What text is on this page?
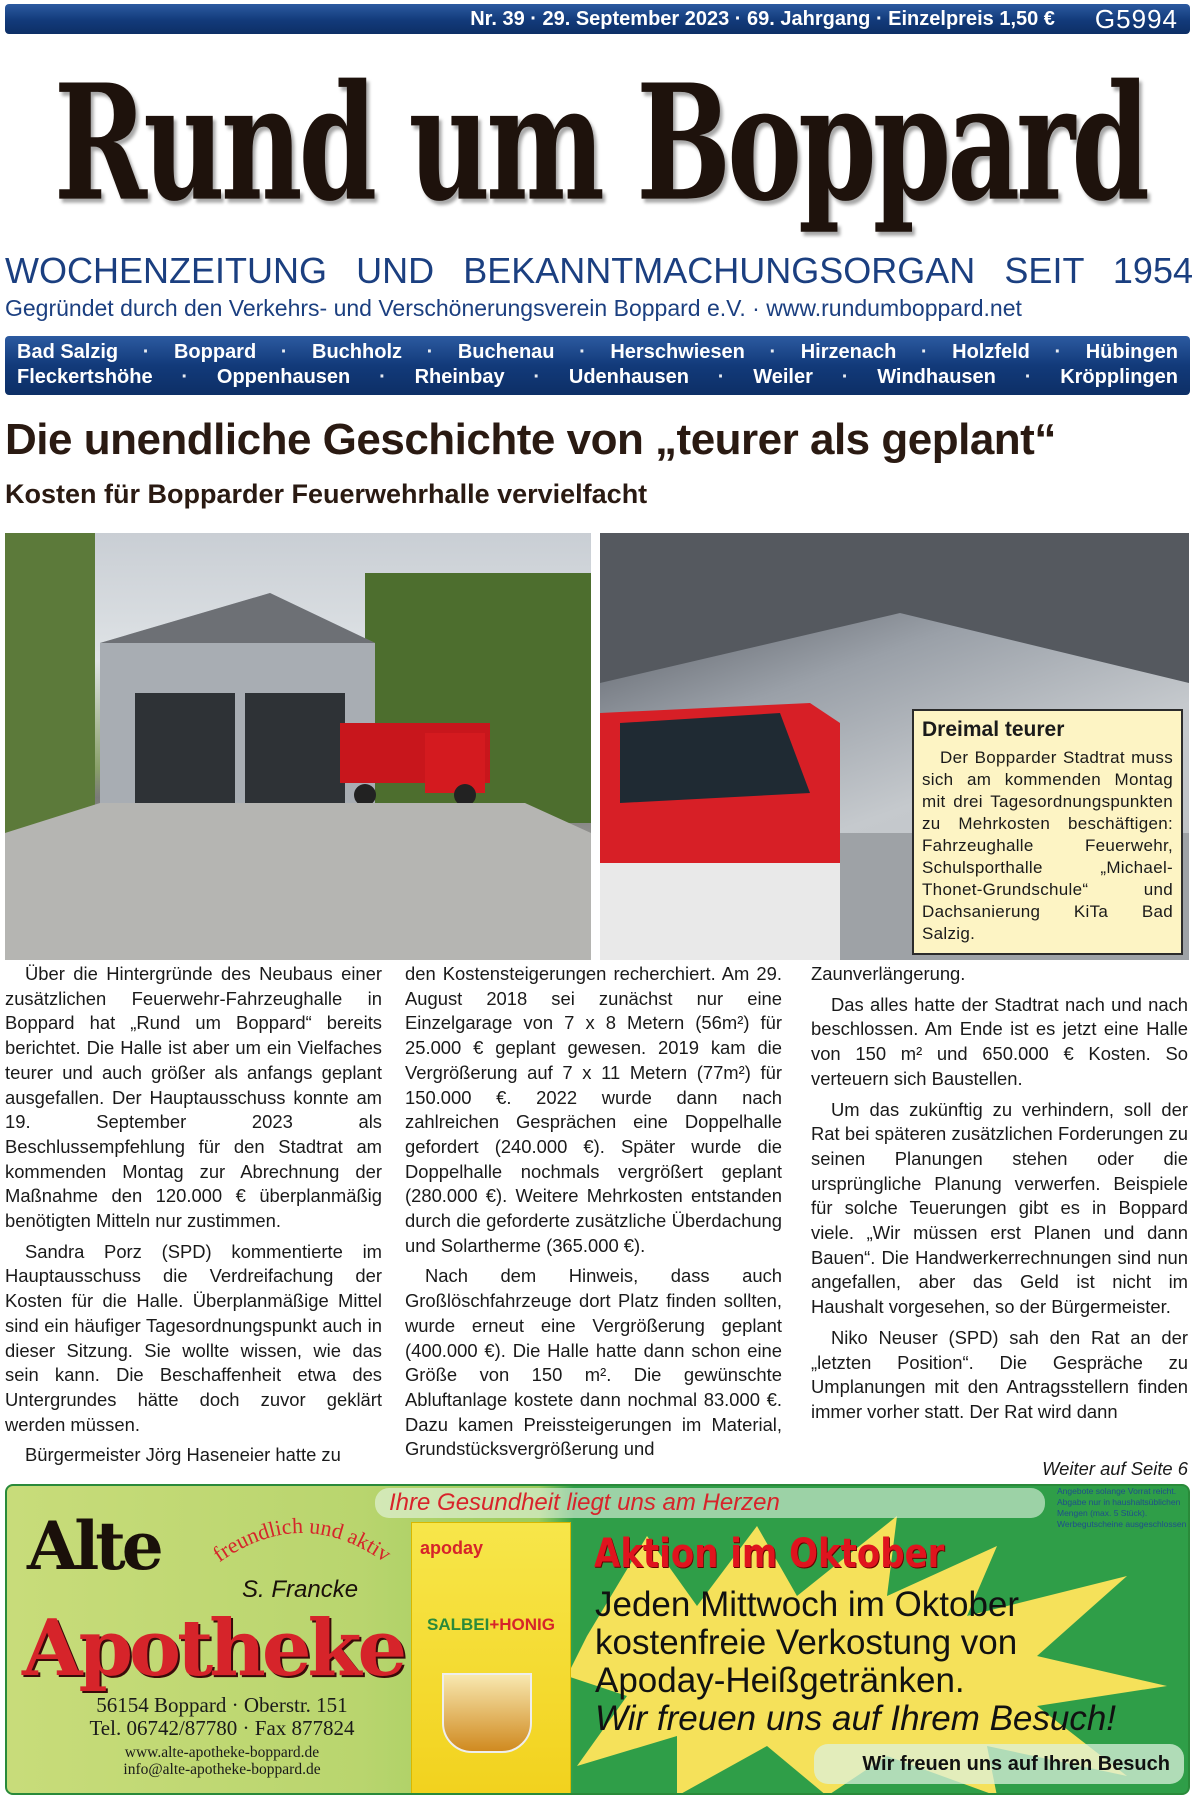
Nr. 39 · 29. September 2023 · 69. Jahrgang · Einzelpreis 1,50 € G5994
Rund um Boppard
WOCHENZEITUNG UND BEKANNTMACHUNGSORGAN SEIT 1954
Gegründet durch den Verkehrs- und Verschönerungsverein Boppard e.V. · www.rundumboppard.net
Bad Salzig · Boppard · Buchholz · Buchenau · Herschwiesen · Hirzenach · Holzfeld · Hübingen
Fleckertshöhe · Oppenhausen · Rheinbay · Udenhausen · Weiler · Windhausen · Kröpplingen
Die unendliche Geschichte von „teurer als geplant“
Kosten für Bopparder Feuerwehrhalle vervielfacht
Dreimal teurer

Der Bopparder Stadtrat muss sich am kommenden Montag mit drei Tagesordnungspunkten zu Mehrkosten beschäftigen: Fahrzeughalle Feuerwehr, Schulsporthalle „Michael-Thonet-Grundschule“ und Dachsanierung KiTa Bad Salzig.

Über die Hintergründe des Neubaus einer zusätzlichen Feuerwehr-Fahrzeughalle in Boppard hat „Rund um Boppard“ bereits berichtet. Die Halle ist aber um ein Vielfaches teurer und auch größer als anfangs geplant ausgefallen. Der Hauptausschuss konnte am 19. September 2023 als Beschlussempfehlung für den Stadtrat am kommenden Montag zur Abrechnung der Maßnahme den 120.000 € überplanmäßig benötigten Mitteln nur zustimmen.

Sandra Porz (SPD) kommentierte im Hauptausschuss die Verdreifachung der Kosten für die Halle. Überplanmäßige Mittel sind ein häufiger Tagesordnungspunkt auch in dieser Sitzung. Sie wollte wissen, wie das sein kann. Die Beschaffenheit etwa des Untergrundes hätte doch zuvor geklärt werden müssen.

Bürgermeister Jörg Haseneier hatte zu

den Kostensteigerungen recherchiert. Am 29. August 2018 sei zunächst nur eine Einzelgarage von 7 x 8 Metern (56m²) für 25.000 € geplant gewesen. 2019 kam die Vergrößerung auf 7 x 11 Metern (77m²) für 150.000 €. 2022 wurde dann nach zahlreichen Gesprächen eine Doppelhalle gefordert (240.000 €). Später wurde die Doppelhalle nochmals vergrößert geplant (280.000 €). Weitere Mehrkosten entstanden durch die geforderte zusätzliche Überdachung und Solartherme (365.000 €).

Nach dem Hinweis, dass auch Großlöschfahrzeuge dort Platz finden sollten, wurde erneut eine Vergrößerung geplant (400.000 €). Die Halle hatte dann schon eine Größe von 150 m². Die gewünschte Abluftanlage kostete dann nochmal 83.000 €. Dazu kamen Preissteigerungen im Material, Grundstücksvergrößerung und

Zaunverlängerung.

Das alles hatte der Stadtrat nach und nach beschlossen. Am Ende ist es jetzt eine Halle von 150 m² und 650.000 € Kosten. So verteuern sich Baustellen.

Um das zukünftig zu verhindern, soll der Rat bei späteren zusätzlichen Forderungen zu seinen Planungen stehen oder die ursprüngliche Planung verwerfen. Beispiele für solche Teuerungen gibt es in Boppard viele. „Wir müssen erst Planen und dann Bauen“. Die Handwerkerrechnungen sind nun angefallen, aber das Geld ist nicht im Haushalt vorgesehen, so der Bürgermeister.

Niko Neuser (SPD) sah den Rat an der „letzten Position“. Die Gespräche zu Umplanungen mit den Antragsstellern finden immer vorher statt. Der Rat wird dann

Weiter auf Seite 6
Ihre Gesundheit liegt uns am Herzen	Angebote solange Vorrat reicht. Abgabe nur in haushaltsüblichen Mengen (max. 5 Stück). Werbegutscheine ausgeschlossen
Alte freundlich und aktiv
S. Francke
Apotheke
56154 Boppard · Oberstr. 151
Tel. 06742/87780 · Fax 877824
www.alte-apotheke-boppard.de
info@alte-apotheke-boppard.de
apoday
SALBEI+HONIG
Aktion im Oktober
Jeden Mittwoch im Oktober
kostenfreie Verkostung von
Apoday-Heißgetränken.
Wir freuen uns auf Ihrem Besuch!
Wir freuen uns auf Ihren Besuch
